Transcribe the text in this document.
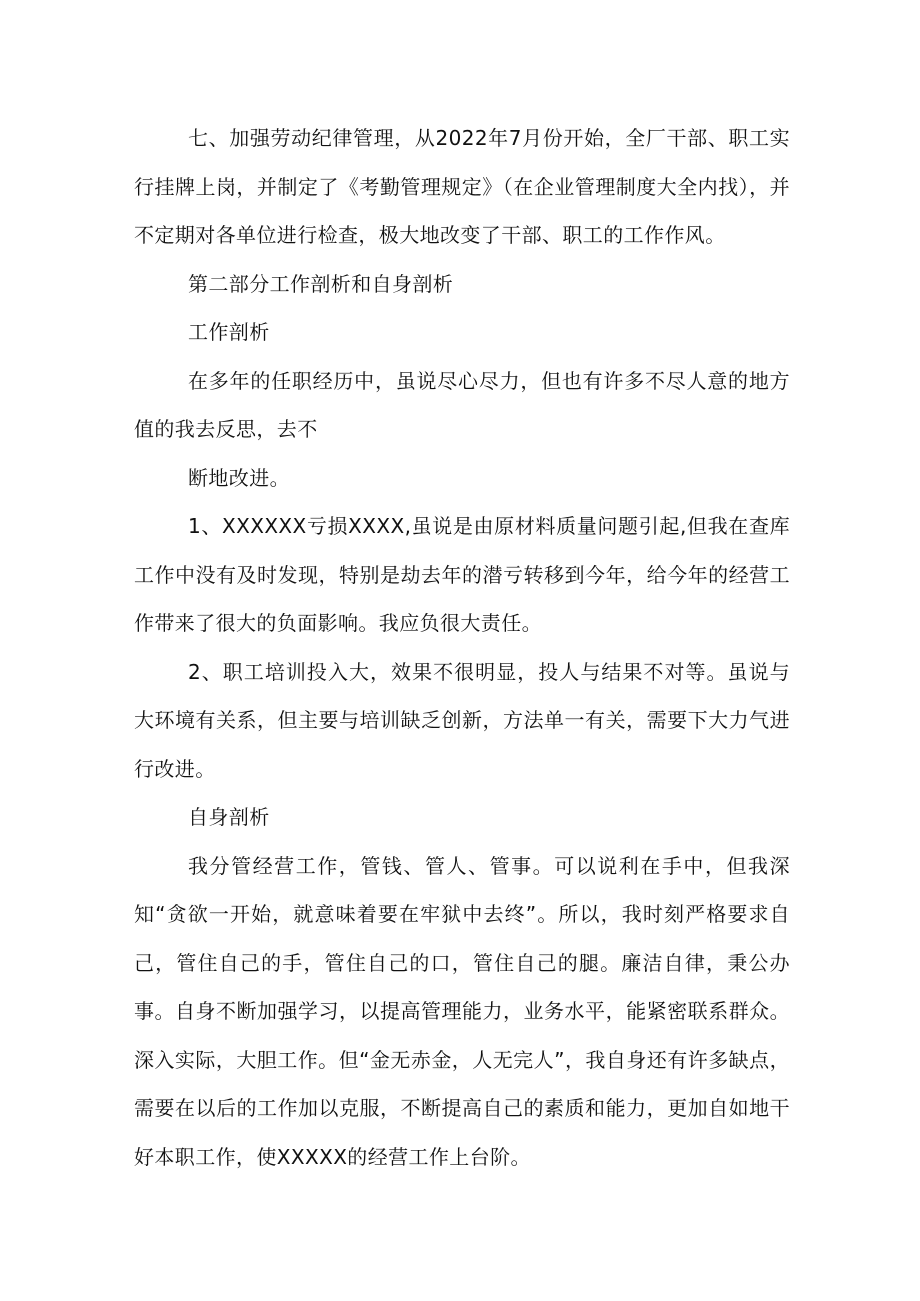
七、加强劳动纪律管理，从2022年7月份开始，全厂干部、职工实行挂牌上岗，并制定了《考勤管理规定》（在企业管理制度大全内找），并不定期对各单位进行检查，极大地改变了干部、职工的工作作风。

第二部分工作剖析和自身剖析

工作剖析

在多年的任职经历中，虽说尽心尽力，但也有许多不尽人意的地方值的我去反思，去不

断地改进。

1、XXXXXX亏损XXXX,虽说是由原材料质量问题引起,但我在查库工作中没有及时发现，特别是劫去年的潜亏转移到今年，给今年的经营工作带来了很大的负面影响。我应负很大责任。

2、职工培训投入大，效果不很明显，投人与结果不对等。虽说与大环境有关系，但主要与培训缺乏创新，方法单一有关，需要下大力气进行改进。

自身剖析

我分管经营工作，管钱、管人、管事。可以说利在手中，但我深知“贪欲一开始，就意味着要在牢狱中去终”。所以，我时刻严格要求自己，管住自己的手，管住自己的口，管住自己的腿。廉洁自律，秉公办事。自身不断加强学习，以提高管理能力，业务水平，能紧密联系群众。深入实际，大胆工作。但“金无赤金，人无完人”，我自身还有许多缺点，需要在以后的工作加以克服，不断提高自己的素质和能力，更加自如地干好本职工作，使XXXXX的经营工作上台阶。
